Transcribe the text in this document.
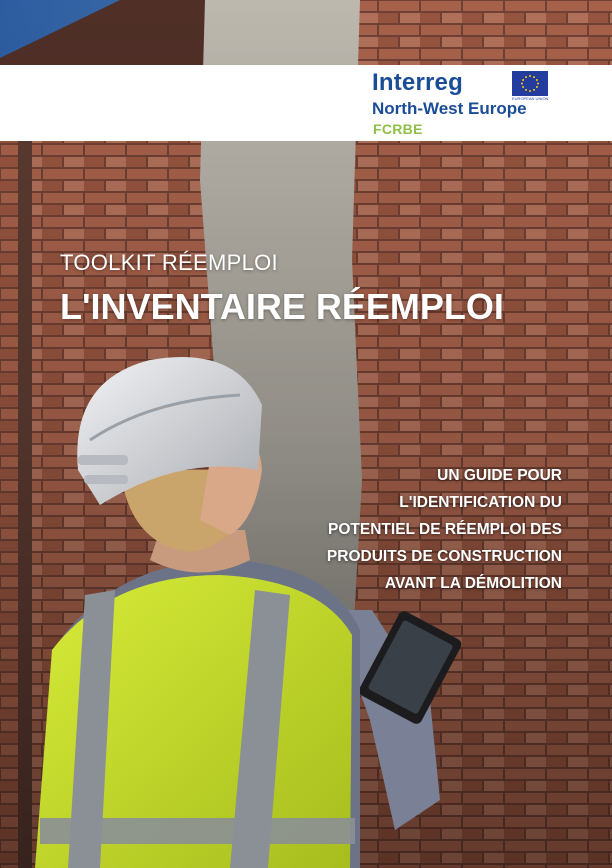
Interreg
North-West Europe
FCRBE
EUROPEAN UNION
TOOLKIT RÉEMPLOI
L'INVENTAIRE RÉEMPLOI
UN GUIDE POUR
L'IDENTIFICATION DU
POTENTIEL DE RÉEMPLOI DES
PRODUITS DE CONSTRUCTION
AVANT LA DÉMOLITION
